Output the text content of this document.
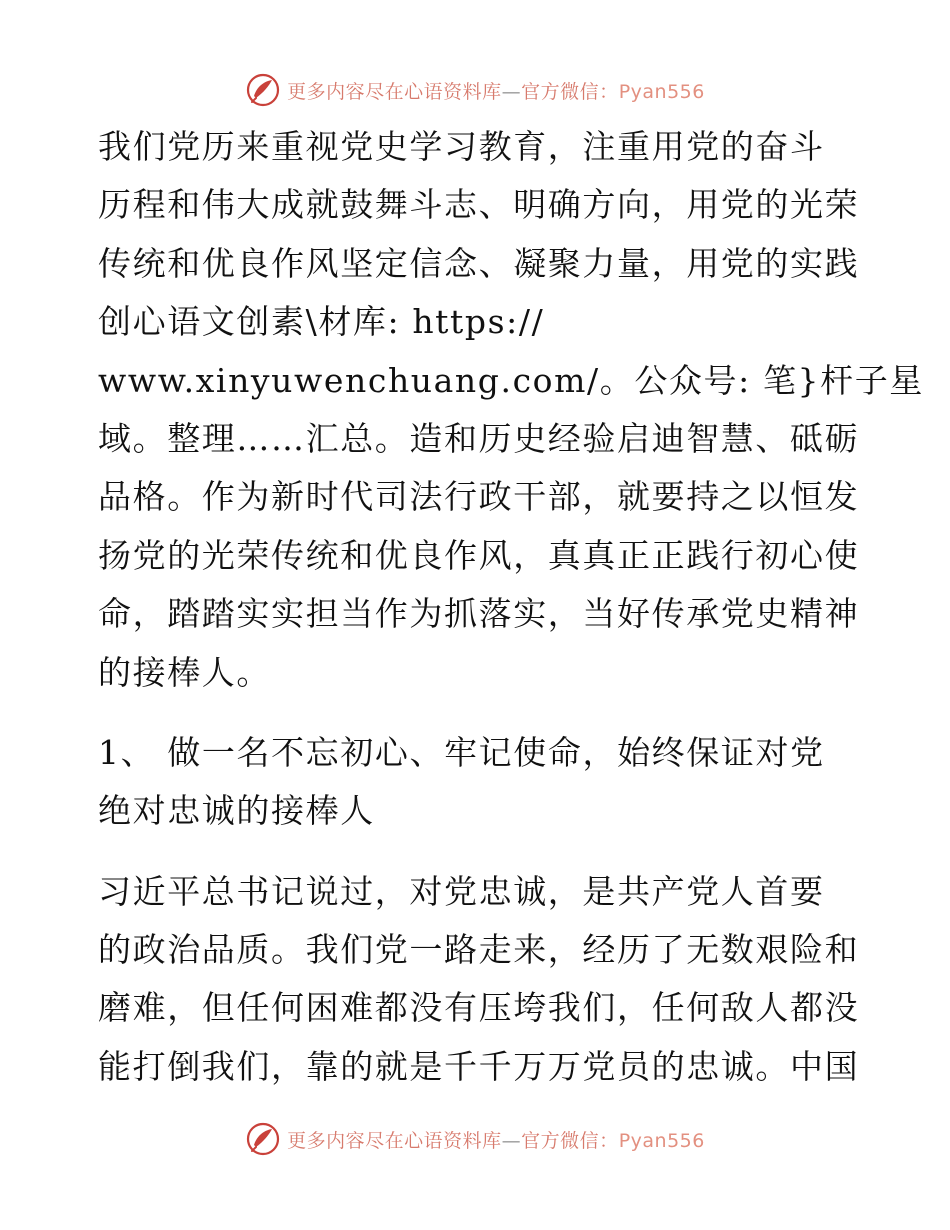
更多内容尽在心语资料库—官方微信：Pyan556
我们党历来重视党史学习教育，注重用党的奋斗
历程和伟大成就鼓舞斗志、明确方向，用党的光荣
传统和优良作风坚定信念、凝聚力量，用党的实践
创心语文创素\材库: https://
www.xinyuwenchuang.com/。公众号: 笔}杆子星
域。整理……汇总。造和历史经验启迪智慧、砥砺
品格。作为新时代司法行政干部，就要持之以恒发
扬党的光荣传统和优良作风，真真正正践行初心使
命，踏踏实实担当作为抓落实，当好传承党史精神
的接棒人。
1、 做一名不忘初心、牢记使命，始终保证对党
绝对忠诚的接棒人
习近平总书记说过，对党忠诚，是共产党人首要
的政治品质。我们党一路走来，经历了无数艰险和
磨难，但任何困难都没有压垮我们，任何敌人都没
能打倒我们，靠的就是千千万万党员的忠诚。中国
更多内容尽在心语资料库—官方微信：Pyan556
